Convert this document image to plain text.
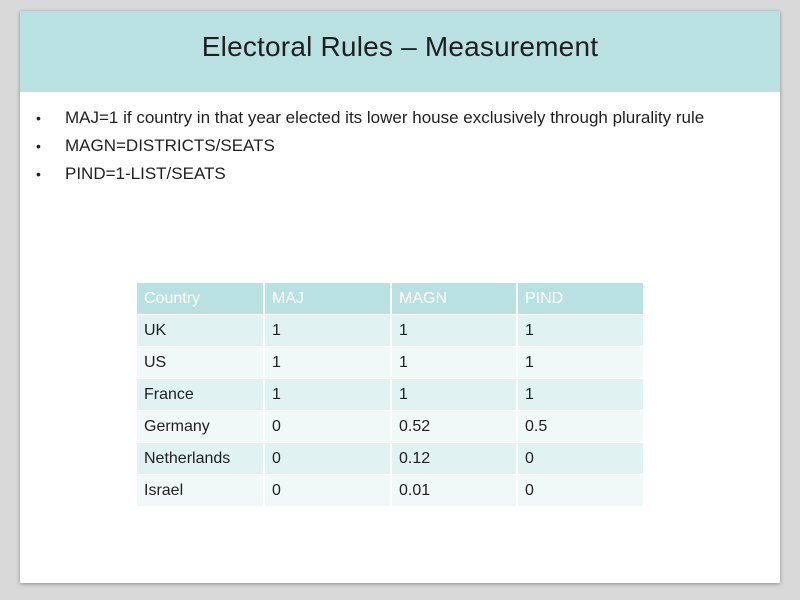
Electoral Rules – Measurement
• MAJ=1 if country in that year elected its lower house exclusively through plurality rule
• MAGN=DISTRICTS/SEATS
• PIND=1-LIST/SEATS
Country	MAJ	MAGN	PIND
UK	1	1	1
US	1	1	1
France	1	1	1
Germany	0	0.52	0.5
Netherlands	0	0.12	0
Israel	0	0.01	0
